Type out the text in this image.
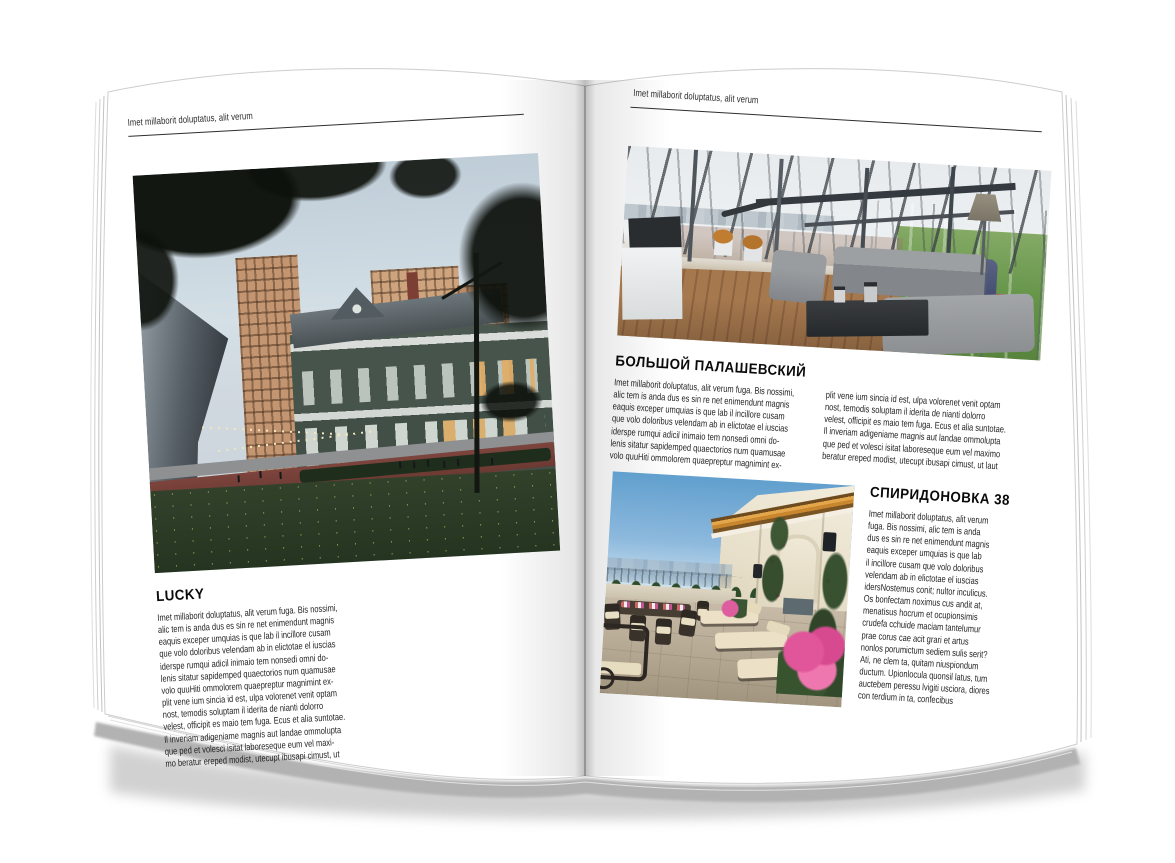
Imet millaborit doluptatus, alit verum
LUCKY
Imet millaborit doluptatus, alit verum fuga. Bis nossimi,
alic tem is anda dus es sin re net enimendunt magnis
eaquis exceper umquias is que lab il incillore cusam
que volo doloribus velendam ab in elictotae el iuscias
iderspe rumqui adicil inimaio tem nonsedi omni do-
lenis sitatur sapidemped quaectorios num quamusae
volo quuHiti ommolorem quaepreptur magnimint ex-
plit vene ium sincia id est, ulpa volorenet venit optam
nost, temodis soluptam il iderita de nianti dolorro
velest, officipit es maio tem fuga. Ecus et alia suntotae.
Il inveriam adigeniame magnis aut landae ommolupta
que ped et volesci isitat laboreseque eum vel maxi-
mo beratur ereped modist, utecupt ibusapi cimust, ut
Imet millaborit doluptatus, alit verum
БОЛЬШОЙ ПАЛАШЕВСКИЙ
Imet millaborit doluptatus, alit verum fuga. Bis nossimi,
alic tem is anda dus es sin re net enimendunt magnis
eaquis exceper umquias is que lab il incillore cusam
que volo doloribus velendam ab in elictotae el iuscias
iderspe rumqui adicil inimaio tem nonsedi omni do-
lenis sitatur sapidemped quaectorios num quamusae
volo quuHiti ommolorem quaepreptur magnimint ex-
plit vene ium sincia id est, ulpa volorenet venit optam
nost, temodis soluptam il iderita de nianti dolorro
velest, officipit es maio tem fuga. Ecus et alia suntotae.
Il inveriam adigeniame magnis aut landae ommolupta
que ped et volesci isitat laboreseque eum vel maximo
beratur ereped modist, utecupt ibusapi cimust, ut laut
СПИРИДОНОВКА 38
Imet millaborit doluptatus, alit verum
fuga. Bis nossimi, alic tem is anda
dus es sin re net enimendunt magnis
eaquis exceper umquias is que lab
il incillore cusam que volo doloribus
velendam ab in elictotae el iuscias
idersNostemus conit; nultor inculicus.
Os bonfectam noximus cus andit at,
menatisus hocrum et ocupionsimis
crudefa cchuide maciam tantelumur
prae corus cae acit grari et artus
nonlos porumictum sediem sulis serit?
Ati, ne clem ta, quitam niuspiondum
ductum. Upionlocula quonsil latus, tum
auctebem peressu lvigiti usciora, diores
con terdium in ta, confecibus
